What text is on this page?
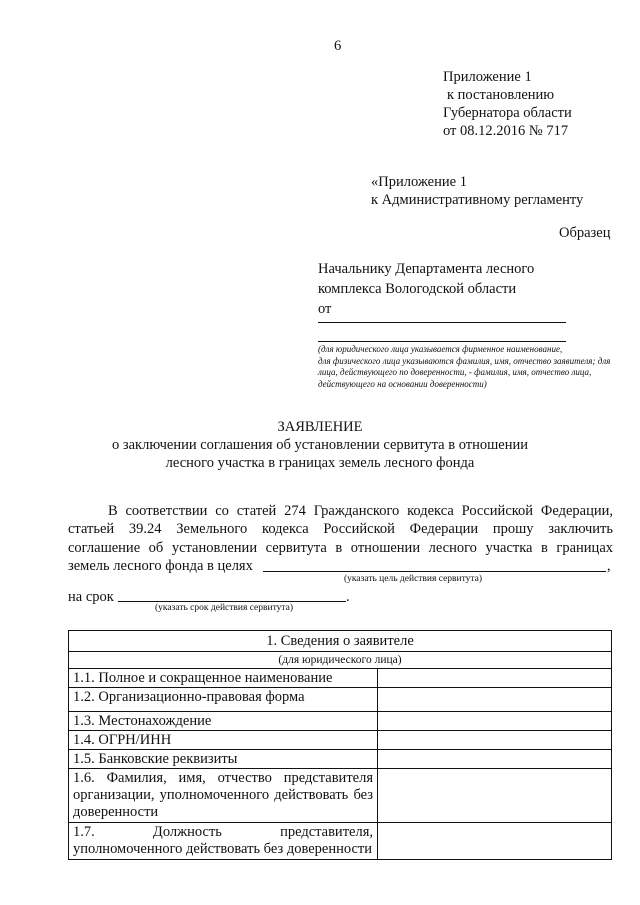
6
Приложение 1
к постановлению
Губернатора области
от 08.12.2016 № 717
«Приложение 1
к Административному регламенту
Образец
Начальнику Департамента лесного
комплекса Вологодской области
от
(для юридического лица указывается фирменное наименование,
для физического лица указываются фамилия, имя, отчество заявителя; для
лица, действующего по доверенности, - фамилия, имя, отчество лица,
действующего на основании доверенности)
ЗАЯВЛЕНИЕ
о заключении соглашения об установлении сервитута в отношении
лесного участка в границах земель лесного фонда
В соответствии со статей 274 Гражданского кодекса Российской Федерации,
статьей 39.24 Земельного кодекса Российской Федерации прошу заключить
соглашение об установлении сервитута в отношении лесного участка в границах
земель лесного фонда в целях	,
(указать цель действия сервитута)
на срок	.
(указать срок действия сервитута)
1. Сведения о заявителе	
(для юридического лица)	
1.1. Полное и сокращенное наименование	
1.2. Организационно-правовая форма	
1.3. Местонахождение	
1.4. ОГРН/ИНН	
1.5. Банковские реквизиты	
1.6. Фамилия, имя, отчество представителя организации, уполномоченного действовать без доверенности	
1.7. Должность представителя, уполномоченного действовать без доверенности	
